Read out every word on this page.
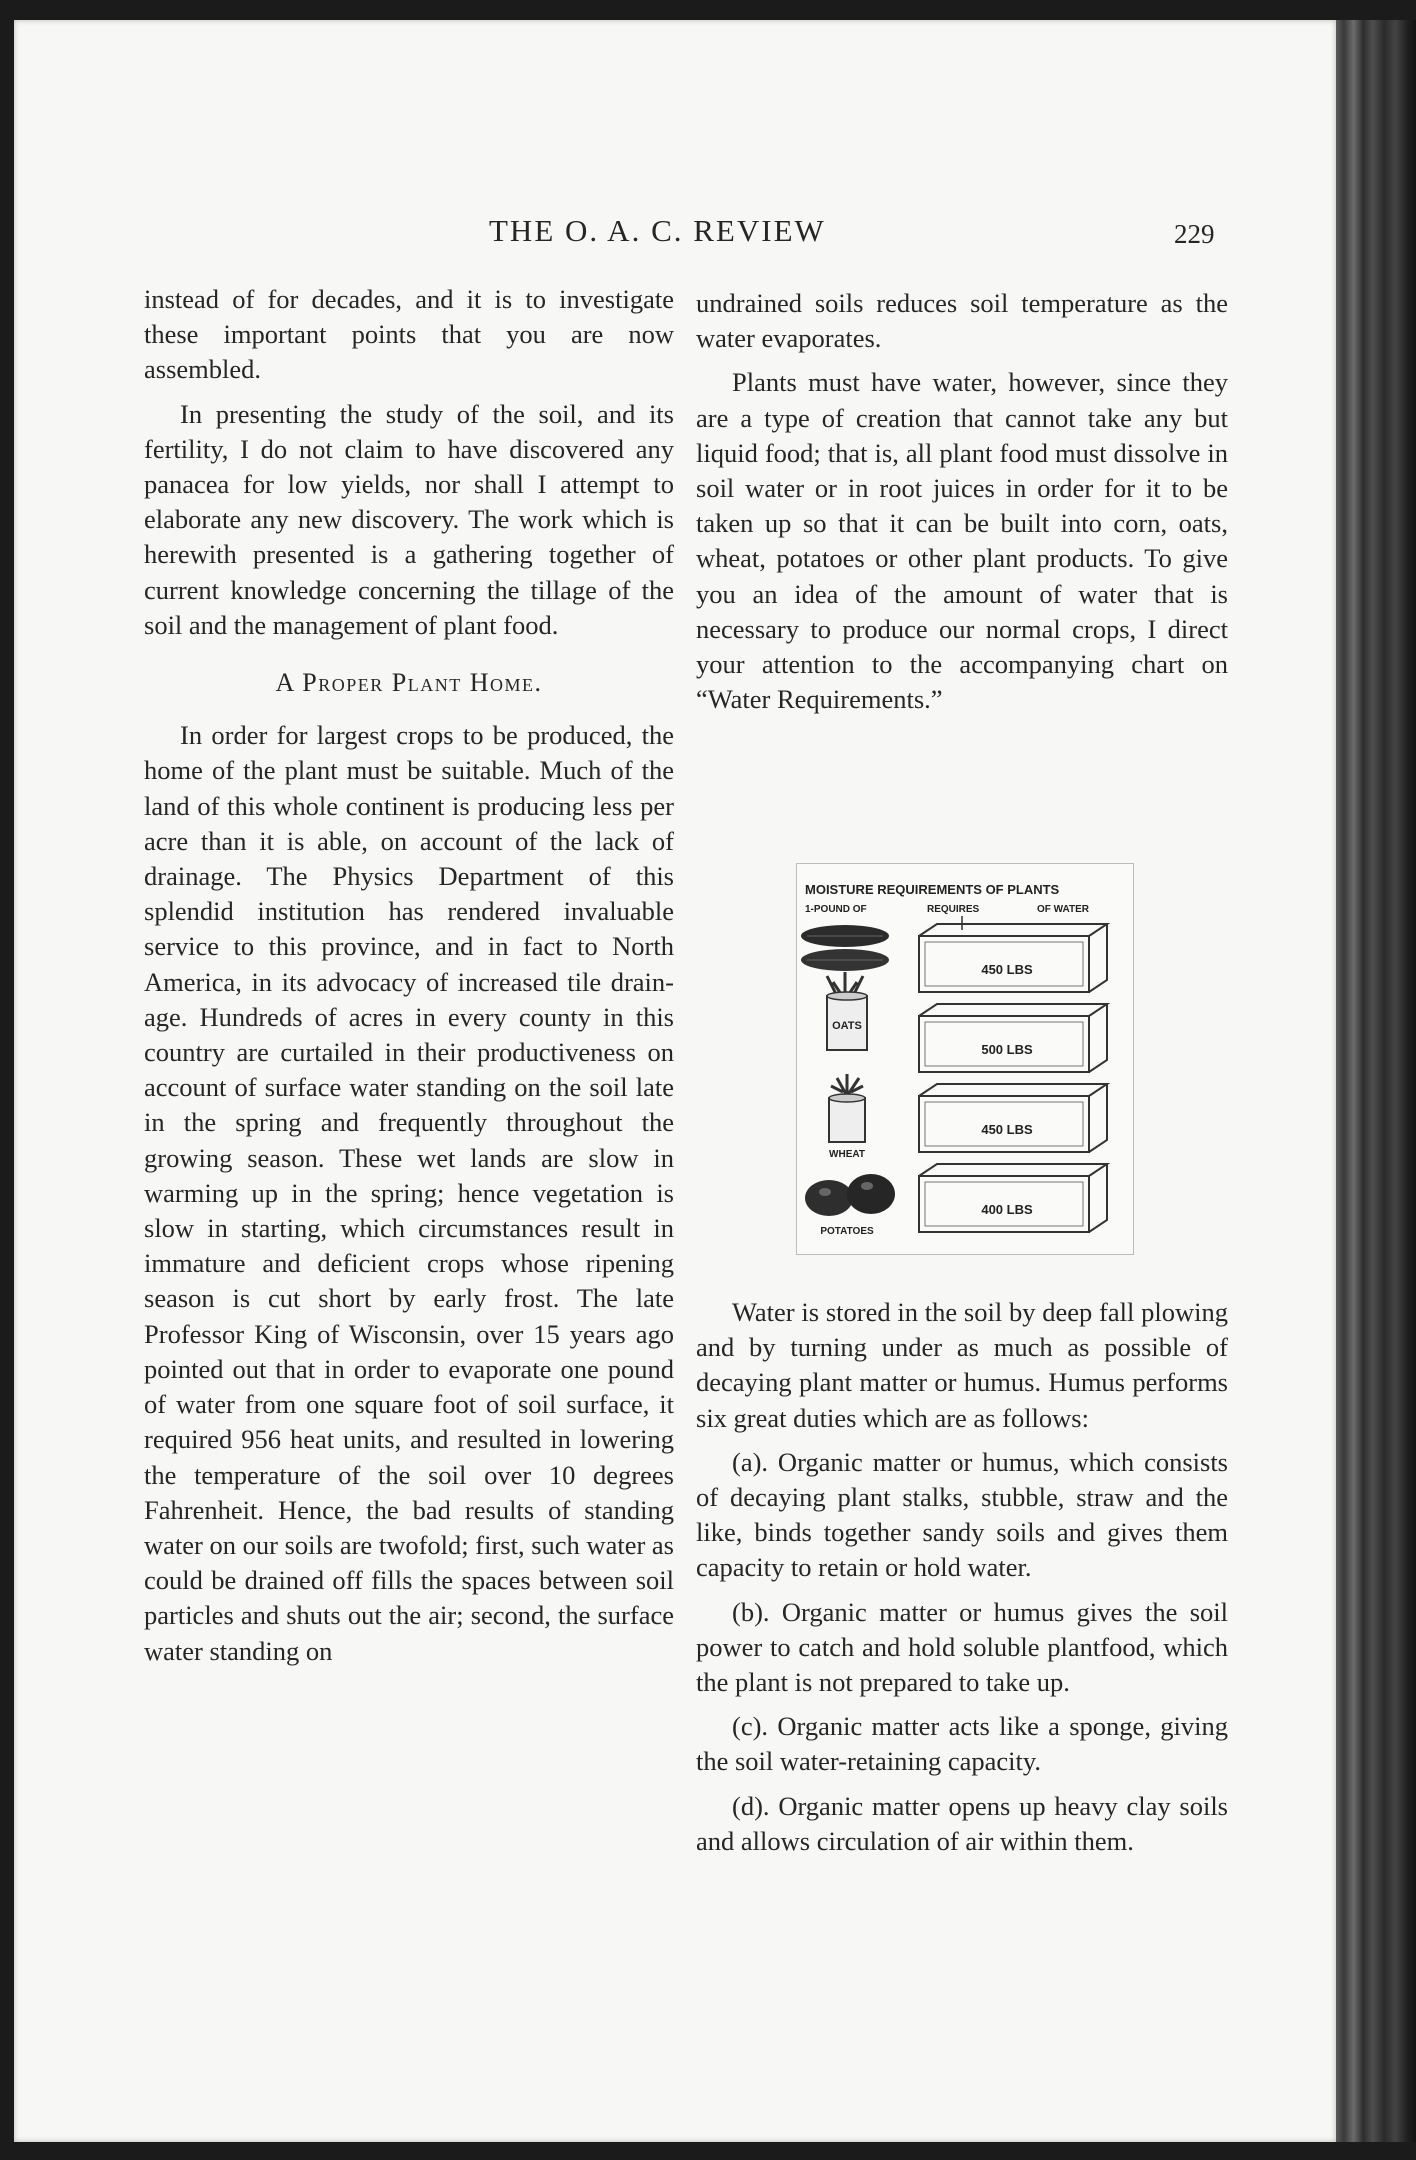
THE O. A. C. REVIEW	229

instead of for decades, and it is to investigate these important points that you are now assembled.

In presenting the study of the soil, and its fertility, I do not claim to have discovered any panacea for low yields, nor shall I attempt to elaborate any new discovery. The work which is herewith presented is a gathering together of current knowledge concerning the tillage of the soil and the management of plant food.

A Proper Plant Home.

In order for largest crops to be produced, the home of the plant must be suitable. Much of the land of this whole continent is producing less per acre than it is able, on account of the lack of drainage. The Physics Department of this splendid institution has rendered invaluable service to this province, and in fact to North America, in its advocacy of increased tile drainage. Hundreds of acres in every county in this country are curtailed in their productiveness on account of surface water standing on the soil late in the spring and frequently throughout the growing season. These wet lands are slow in warming up in the spring; hence vegetation is slow in starting, which circumstances result in immature and deficient crops whose ripening season is cut short by early frost. The late Professor King of Wisconsin, over 15 years ago pointed out that in order to evaporate one pound of water from one square foot of soil surface, it required 956 heat units, and resulted in lowering the temperature of the soil over 10 degrees Fahrenheit. Hence, the bad results of standing water on our soils are twofold; first, such water as could be drained off fills the spaces between soil particles and shuts out the air; second, the surface water standing on

undrained soils reduces soil temperature as the water evaporates.

Plants must have water, however, since they are a type of creation that cannot take any but liquid food; that is, all plant food must dissolve in soil water or in root juices in order for it to be taken up so that it can be built into corn, oats, wheat, potatoes or other plant products. To give you an idea of the amount of water that is necessary to produce our normal crops, I direct your attention to the accompanying chart on “Water Requirements.”

MOISTURE REQUIREMENTS OF PLANTS
1-POUND OF	REQUIRES	OF WATER
450 LBS
OATS
500 LBS
WHEAT
450 LBS
POTATOES
400 LBS

Water is stored in the soil by deep fall plowing and by turning under as much as possible of decaying plant matter or humus. Humus performs six great duties which are as follows:

(a). Organic matter or humus, which consists of decaying plant stalks, stubble, straw and the like, binds together sandy soils and gives them capacity to retain or hold water.

(b). Organic matter or humus gives the soil power to catch and hold soluble plantfood, which the plant is not prepared to take up.

(c). Organic matter acts like a sponge, giving the soil water-retaining capacity.

(d). Organic matter opens up heavy clay soils and allows circulation of air within them.
